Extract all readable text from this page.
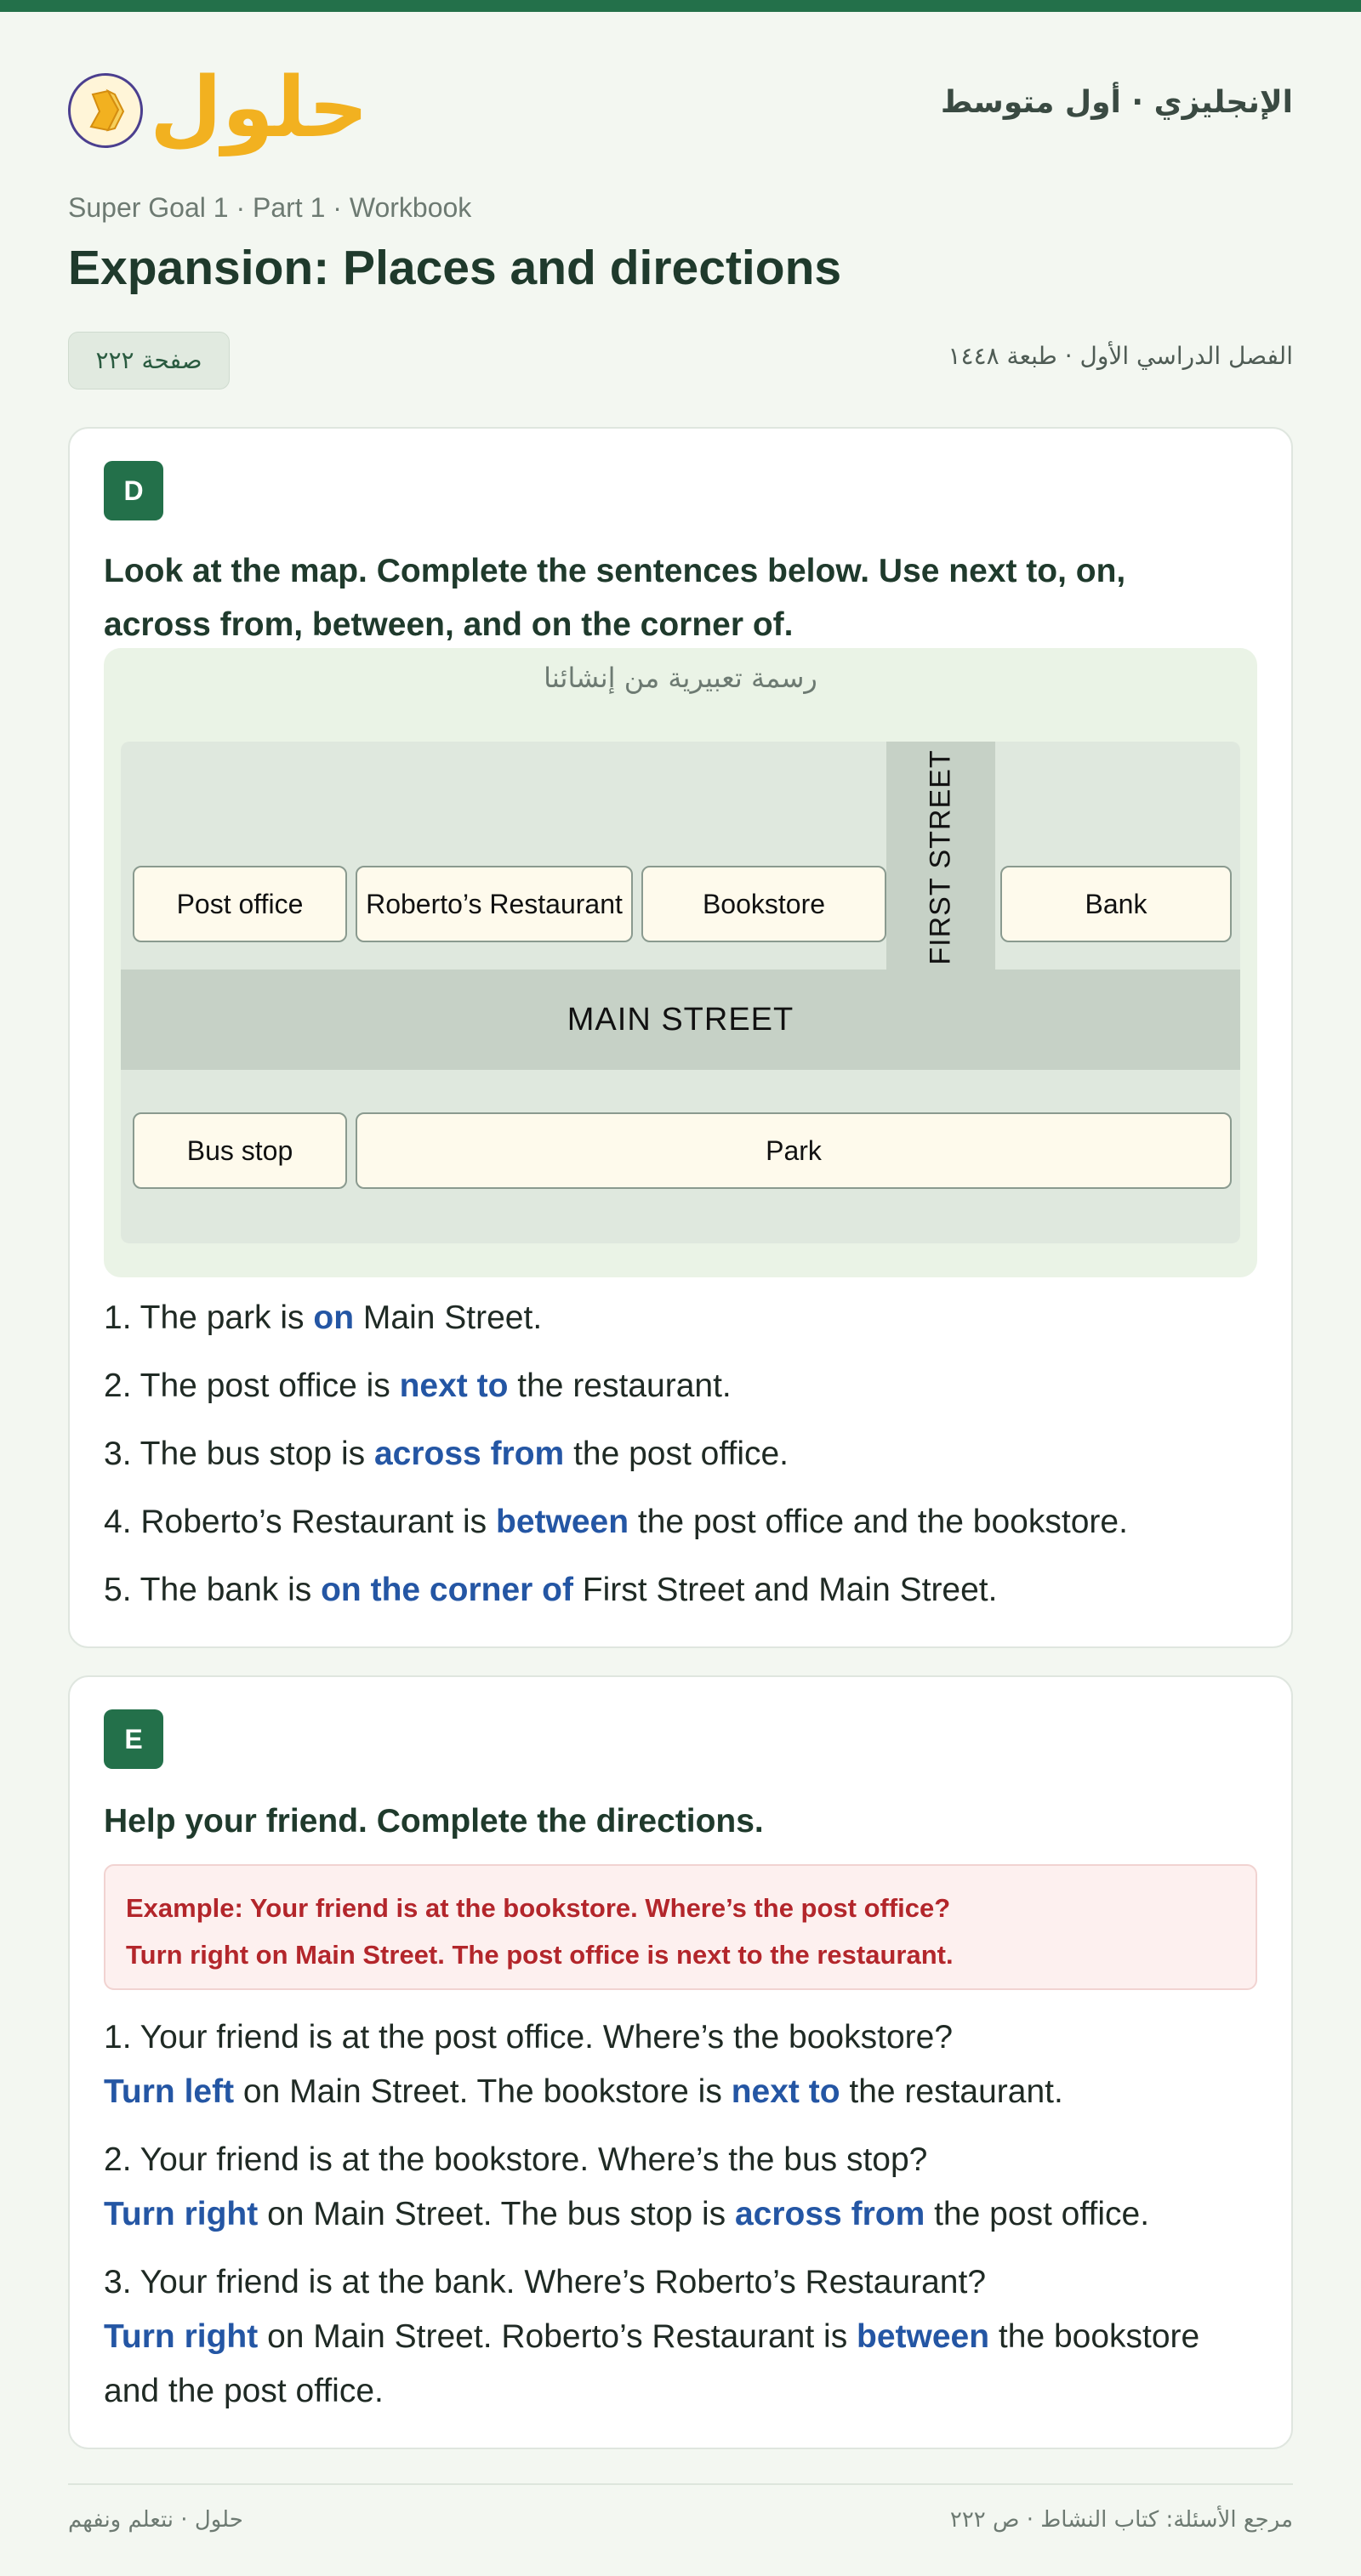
حلول	الإنجليزي · أول متوسط
Super Goal 1 · Part 1 · Workbook
Expansion: Places and directions
صفحة ٢٢٢	الفصل الدراسي الأول · طبعة ١٤٤٨
D

Look at the map. Complete the sentences below. Use next to, on, across from, between, and on the corner of.

رسمة تعبيرية من إنشائنا
FIRST STREET
MAIN STREET
Post office	Roberto’s Restaurant	Bookstore	Bank
Bus stop	Park

1. The park is on Main Street.

2. The post office is next to the restaurant.

3. The bus stop is across from the post office.

4. Roberto’s Restaurant is between the post office and the bookstore.

5. The bank is on the corner of First Street and Main Street.

E

Help your friend. Complete the directions.

Example: Your friend is at the bookstore. Where’s the post office?

Turn right on Main Street. The post office is next to the restaurant.

1. Your friend is at the post office. Where’s the bookstore?
Turn left on Main Street. The bookstore is next to the restaurant.

2. Your friend is at the bookstore. Where’s the bus stop?
Turn right on Main Street. The bus stop is across from the post office.

3. Your friend is at the bank. Where’s Roberto’s Restaurant?
Turn right on Main Street. Roberto’s Restaurant is between the bookstore and the post office.

حلول · نتعلم ونفهم	مرجع الأسئلة: كتاب النشاط · ص ٢٢٢
